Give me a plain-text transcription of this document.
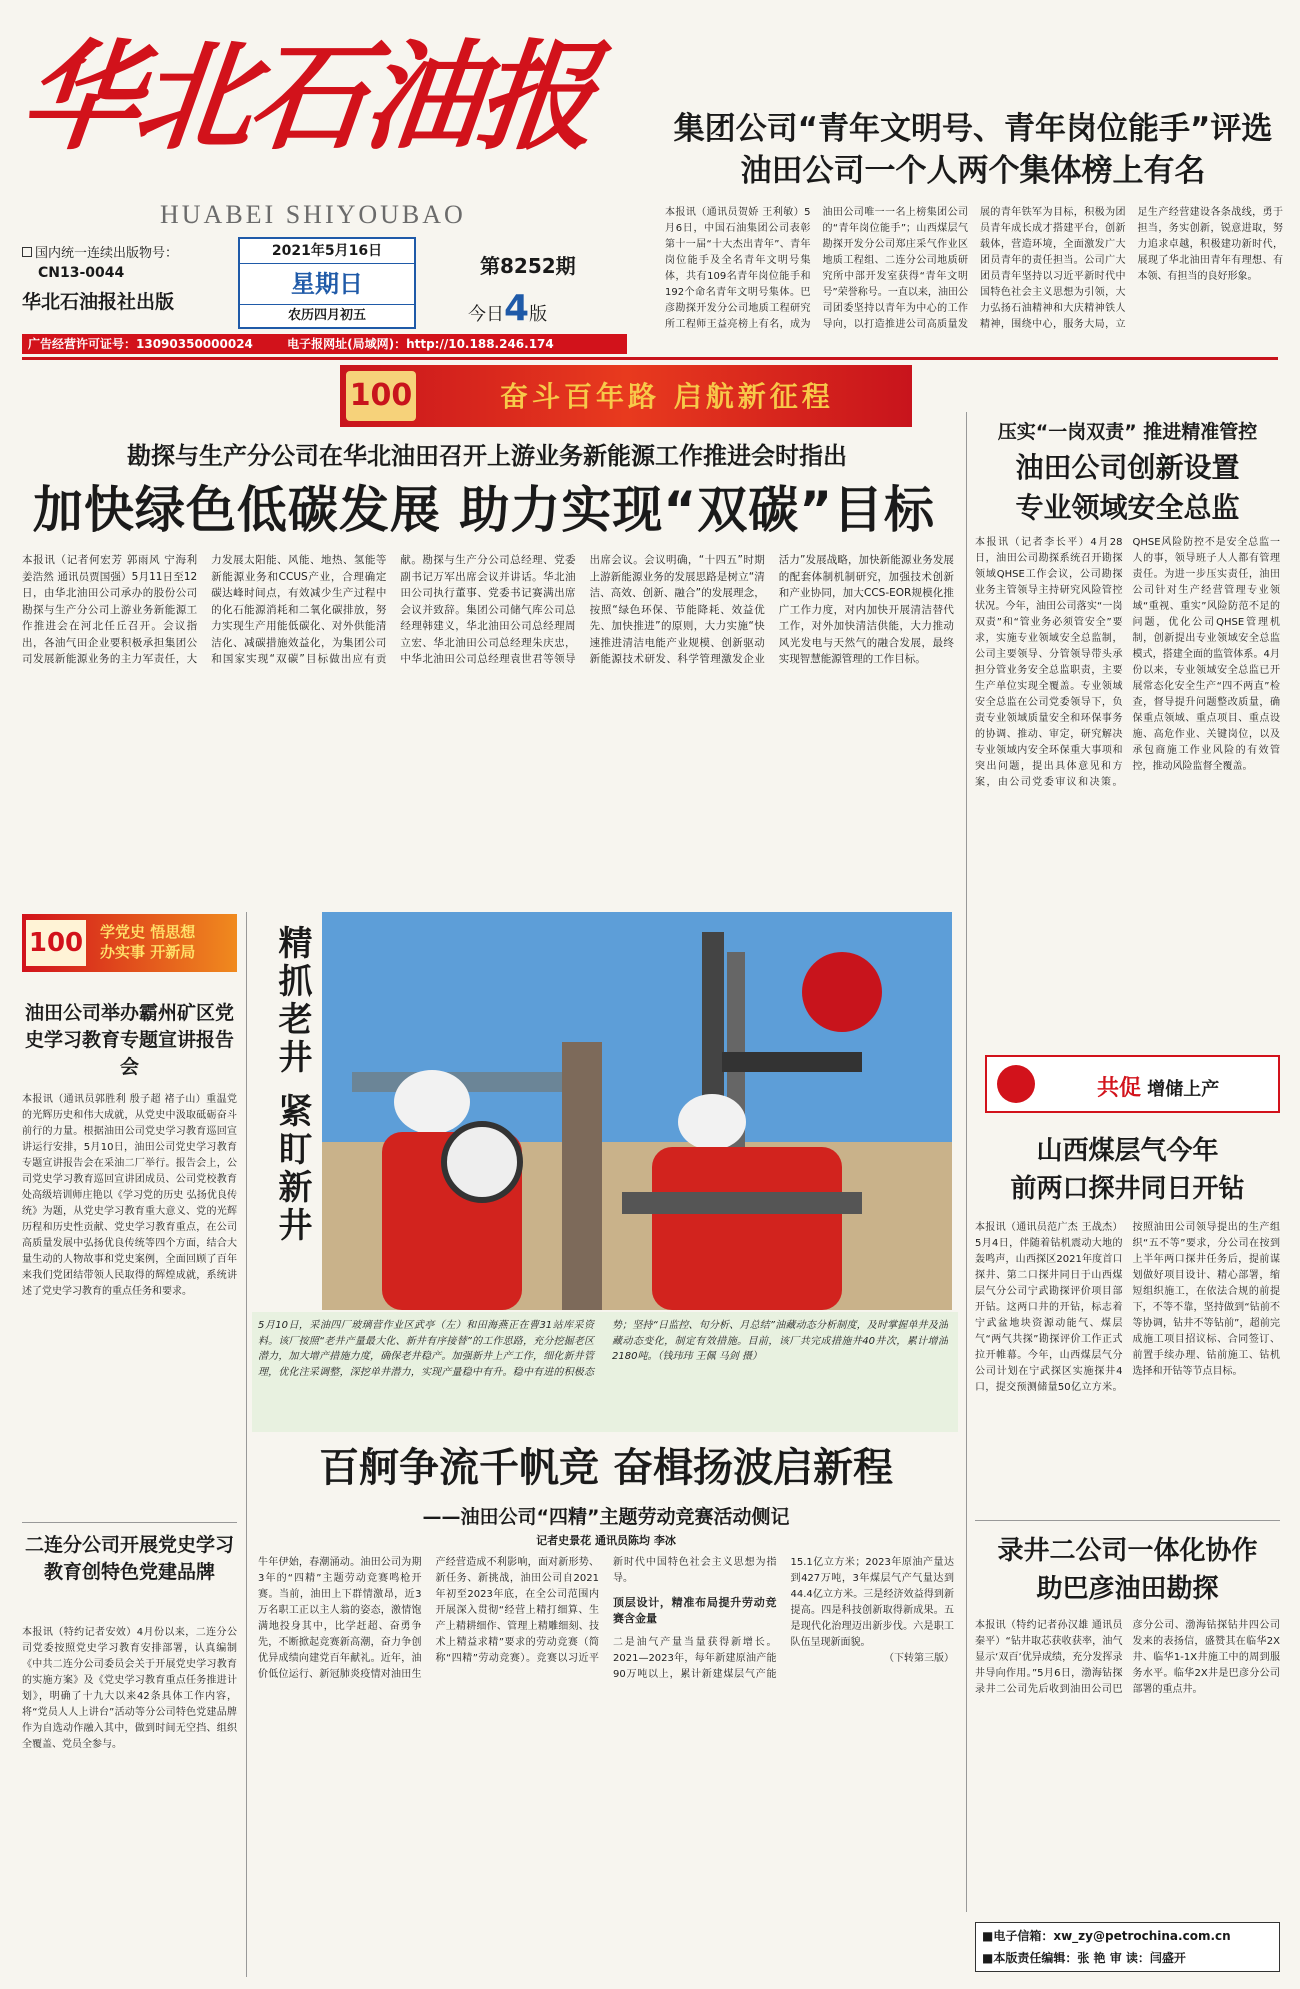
华北石油报
HUABEI SHIYOUBAO
国内统一连续出版物号：
CN13-0044
华北石油报社出版
2021年5月16日
星期日
农历四月初五
第8252期
今日4版
广告经营许可证号：13090350000024	电子报网址(局域网)：http://10.188.246.174
集团公司“青年文明号、青年岗位能手”评选
油田公司一个人两个集体榜上有名
本报讯（通讯员贺娇 王利敏）5月6日，中国石油集团公司表彰第十一届“十大杰出青年”、青年岗位能手及全名青年文明号集体，共有109名青年岗位能手和192个命名青年文明号集体。巴彦勘探开发分公司地质工程研究所工程师王益亮榜上有名，成为油田公司唯一一名上榜集团公司的“青年岗位能手”；山西煤层气勘探开发分公司郑庄采气作业区地质工程组、二连分公司地质研究所中部开发室获得“青年文明号”荣誉称号。一直以来，油田公司团委坚持以青年为中心的工作导向，以打造推进公司高质量发展的青年铁军为目标，积极为团员青年成长成才搭建平台，创新载体，营造环境，全面激发广大团员青年的责任担当。公司广大团员青年坚持以习近平新时代中国特色社会主义思想为引领，大力弘扬石油精神和大庆精神铁人精神，围绕中心，服务大局，立足生产经营建设各条战线，勇于担当，务实创新，锐意进取，努力追求卓越，积极建功新时代，展现了华北油田青年有理想、有本领、有担当的良好形象。
100	奋斗百年路 启航新征程
勘探与生产分公司在华北油田召开上游业务新能源工作推进会时指出
加快绿色低碳发展 助力实现“双碳”目标
本报讯（记者何宏芳 郭雨风 宁海利 姜浩然 通讯员贾国强）5月11日至12日，由华北油田公司承办的股份公司勘探与生产分公司上游业务新能源工作推进会在河北任丘召开。会议指出，各油气田企业要积极承担集团公司发展新能源业务的主力军责任，大力发展太阳能、风能、地热、氢能等新能源业务和CCUS产业，合理确定碳达峰时间点，有效减少生产过程中的化石能源消耗和二氧化碳排放，努力实现生产用能低碳化、对外供能清洁化、减碳措施效益化，为集团公司和国家实现“双碳”目标做出应有贡献。勘探与生产分公司总经理、党委副书记万军出席会议并讲话。华北油田公司执行董事、党委书记赛满出席会议并致辞。集团公司储气库公司总经理韩建义，华北油田公司总经理周立宏、华北油田公司总经理朱庆忠，中华北油田公司总经理袁世君等领导出席会议。会议明确，“十四五”时期上游新能源业务的发展思路是树立“清洁、高效、创新、融合”的发展理念，按照“绿色环保、节能降耗、效益优先、加快推进”的原则，大力实施“快速推进清洁电能产业规模、创新驱动新能源技术研发、科学管理激发企业活力”发展战略，加快新能源业务发展的配套体制机制研究，加强技术创新和产业协同，加大CCS-EOR规模化推广工作力度，对内加快开展清洁替代工作，对外加快清洁供能，大力推动风光发电与天然气的融合发展，最终实现智慧能源管理的工作目标。
压实“一岗双责” 推进精准管控
油田公司创新设置
专业领域安全总监
本报讯（记者李长平）4月28日，油田公司勘探系统召开勘探领域QHSE工作会议，公司勘探业务主管领导主持研究风险管控状况。今年，油田公司落实“一岗双责”和“管业务必须管安全”要求，实施专业领域安全总监制，公司主要领导、分管领导带头承担分管业务安全总监职责，主要生产单位实现全覆盖。专业领域安全总监在公司党委领导下，负责专业领域质量安全和环保事务的协调、推动、审定，研究解决专业领域内安全环保重大事项和突出问题，提出具体意见和方案，由公司党委审议和决策。QHSE风险防控不是安全总监一人的事，领导班子人人都有管理责任。为进一步压实责任，油田公司针对生产经营管理专业领域“重视、重实”风险防范不足的问题，优化公司QHSE管理机制，创新提出专业领域安全总监模式，搭建全面的监管体系。4月份以来，专业领域安全总监已开展常态化安全生产“四不两直”检查，督导提升问题整改质量，确保重点领域、重点项目、重点设施、高危作业、关键岗位，以及承包商施工作业风险的有效管控，推动风险监督全覆盖。
100 学党史 悟思想
办实事 开新局
油田公司举办霸州矿区党史学习教育专题宣讲报告会
本报讯（通讯员郭胜利 殷子超 褚子山）重温党的光辉历史和伟大成就，从党史中汲取砥砺奋斗前行的力量。根据油田公司党史学习教育巡回宣讲运行安排，5月10日，油田公司党史学习教育专题宣讲报告会在采油二厂举行。报告会上，公司党史学习教育巡回宣讲团成员、公司党校教育处高级培训师庄艳以《学习党的历史 弘扬优良传统》为题，从党史学习教育重大意义、党的光辉历程和历史性贡献、党史学习教育重点，在公司高质量发展中弘扬优良传统等四个方面，结合大量生动的人物故事和党史案例，全面回顾了百年来我们党团结带领人民取得的辉煌成就，系统讲述了党史学习教育的重点任务和要求。
二连分公司开展党史学习教育创特色党建品牌
本报讯（特约记者安效）4月份以来，二连分公司党委按照党史学习教育安排部署，认真编制《中共二连分公司委员会关于开展党史学习教育的实施方案》及《党史学习教育重点任务推进计划》，明确了十九大以来42条具体工作内容，将“党员人人上讲台”活动等分公司特色党建品牌作为自选动作融入其中，做到时间无空挡、组织全覆盖、党员全参与。
精抓老井 紧盯新井
5月10日，采油四厂玻璃营作业区武亭（左）和田海燕正在曹31站库采资料。该厂按照“老井产量最大化、新井有序接替”的工作思路，充分挖掘老区潜力，加大增产措施力度，确保老井稳产。加强新井上产工作，细化新井管理，优化注采调整，深挖单井潜力，实现产量稳中有升。稳中有进的积极态势；坚持“日监控、旬分析、月总结”油藏动态分析制度，及时掌握单井及油藏动态变化，制定有效措施。目前，该厂共完成措施井40井次，累计增油2180吨。（钱玮玮 王佩 马剑 摄）
百舸争流千帆竞 奋楫扬波启新程
——油田公司“四精”主题劳动竞赛活动侧记
记者史景花 通讯员陈均 李冰
牛年伊始，春潮涌动。油田公司为期3年的“四精”主题劳动竞赛鸣枪开赛。当前，油田上下群情激昂，近3万名职工正以主人翁的姿态，激情饱满地投身其中，比学赶超、奋勇争先，不断掀起竞赛新高潮，奋力争创优异成绩向建党百年献礼。近年，油价低位运行、新冠肺炎疫情对油田生产经营造成不利影响，面对新形势、新任务、新挑战，油田公司自2021年初至2023年底，在全公司范围内开展深入贯彻“经营上精打细算、生产上精耕细作、管理上精雕细刻、技术上精益求精”要求的劳动竞赛（简称“四精”劳动竞赛）。竞赛以习近平新时代中国特色社会主义思想为指导。
顶层设计，精准布局提升劳动竞赛含金量
二是油气产量当量获得新增长。2021—2023年，每年新建原油产能90万吨以上，累计新建煤层气产能15.1亿立方米；2023年原油产量达到427万吨，3年煤层气产气量达到44.4亿立方米。三是经济效益得到新提高。四是科技创新取得新成果。五是现代化治理迈出新步伐。六是职工队伍呈现新面貌。
（下转第三版）
共促 增储上产
山西煤层气今年
前两口探井同日开钻
本报讯（通讯员范广杰 王战杰）5月4日，伴随着钻机震动大地的轰鸣声，山西探区2021年度首口探井、第二口探井同日于山西煤层气分公司宁武勘探评价项目部开钻。这两口井的开钻，标志着宁武盆地块资源动能气、煤层气“两气共探”勘探评价工作正式拉开帷幕。今年，山西煤层气分公司计划在宁武探区实施探井4口，提交预测储量50亿立方米。按照油田公司领导提出的生产组织“五不等”要求，分公司在按到上半年两口探井任务后，提前谋划做好项目设计、精心部署，缩短组织施工，在依法合规的前提下，不等不靠，坚持做到“钻前不等协调，钻井不等钻前”，超前完成施工项目招议标、合同签订、前置手续办理、钻前施工、钻机选择和开钻等节点目标。
录井二公司一体化协作
助巴彦油田勘探
本报讯（特约记者孙汉雄 通讯员秦平）“钻井取芯获收获率，油气显示‘双百’优异成绩，充分发挥录井导向作用。”5月6日，渤海钻探录井二公司先后收到油田公司巴彦分公司、渤海钻探钻井四公司发来的表扬信，盛赞其在临华2X井、临华1-1X井施工中的周到服务水平。临华2X井是巴彦分公司部署的重点井。
■电子信箱：xw_zy@petrochina.com.cn
■本版责任编辑：张 艳 审 读：闫盛开
